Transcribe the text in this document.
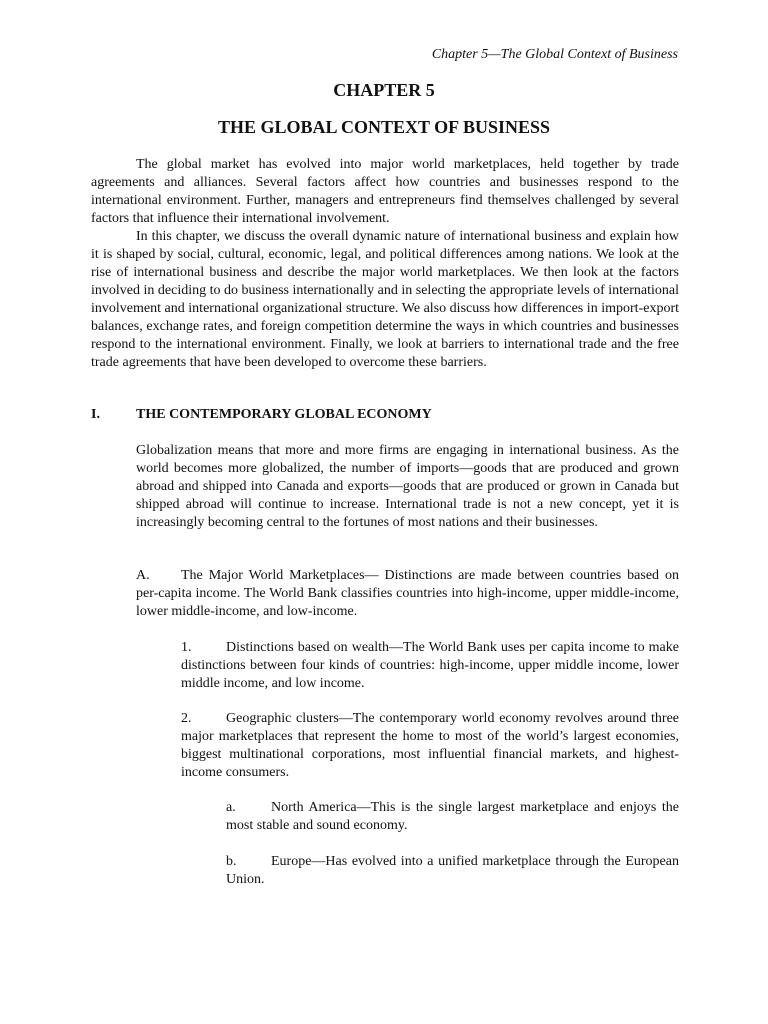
Chapter 5—The Global Context of Business
CHAPTER 5
THE GLOBAL CONTEXT OF BUSINESS

The global market has evolved into major world marketplaces, held together by trade agreements and alliances. Several factors affect how countries and businesses respond to the international environment. Further, managers and entrepreneurs find themselves challenged by several factors that influence their international involvement.

In this chapter, we discuss the overall dynamic nature of international business and explain how it is shaped by social, cultural, economic, legal, and political differences among nations. We look at the rise of international business and describe the major world marketplaces. We then look at the factors involved in deciding to do business internationally and in selecting the appropriate levels of international involvement and international organizational structure. We also discuss how differences in import-export balances, exchange rates, and foreign competition determine the ways in which countries and businesses respond to the international environment. Finally, we look at barriers to international trade and the free trade agreements that have been developed to overcome these barriers.

I.	THE CONTEMPORARY GLOBAL ECONOMY

Globalization means that more and more firms are engaging in international business. As the world becomes more globalized, the number of imports—goods that are produced and grown abroad and shipped into Canada and exports—goods that are produced or grown in Canada but shipped abroad will continue to increase. International trade is not a new concept, yet it is increasingly becoming central to the fortunes of most nations and their businesses.

A. The Major World Marketplaces— Distinctions are made between countries based on per-capita income. The World Bank classifies countries into high-income, upper middle-income, lower middle-income, and low-income.

1. Distinctions based on wealth—The World Bank uses per capita income to make distinctions between four kinds of countries: high-income, upper middle income, lower middle income, and low income.

2. Geographic clusters—The contemporary world economy revolves around three major marketplaces that represent the home to most of the world’s largest economies, biggest multinational corporations, most influential financial markets, and highest-income consumers.

a.	North America—This is the single largest marketplace and enjoys the most stable and sound economy.

b. Europe—Has evolved into a unified marketplace through the European Union.
